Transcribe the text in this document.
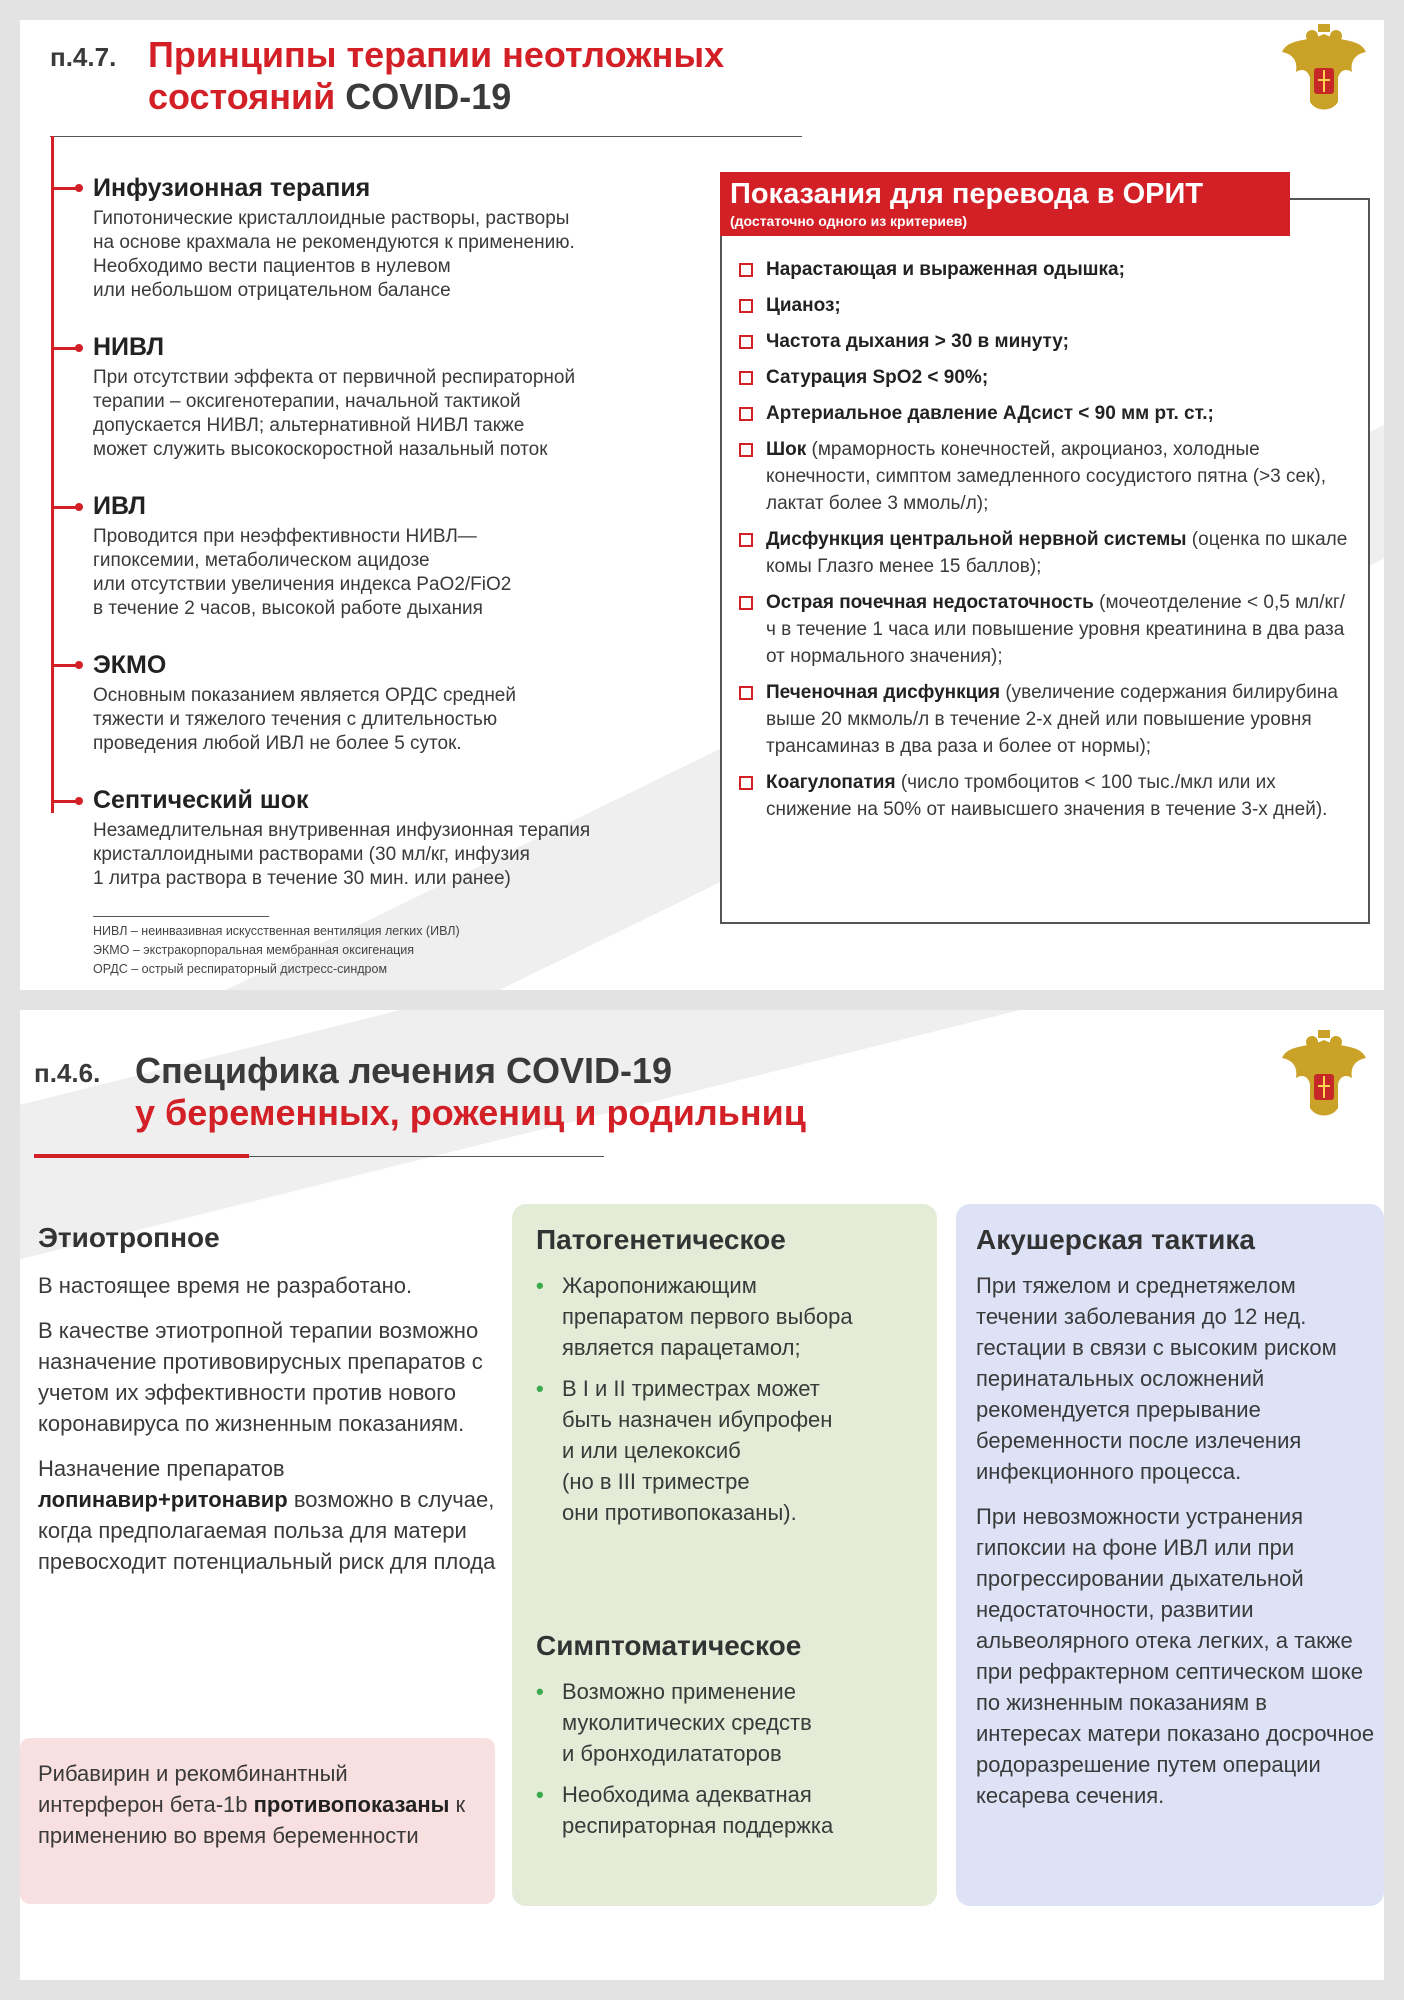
п.4.7. Принципы терапии неотложных
состояний COVID-19
Инфузионная терапия
Гипотонические кристаллоидные растворы, растворы
на основе крахмала не рекомендуются к применению.
Необходимо вести пациентов в нулевом
или небольшом отрицательном балансе
НИВЛ
При отсутствии эффекта от первичной респираторной
терапии – оксигенотерапии, начальной тактикой
допускается НИВЛ; альтернативной НИВЛ также
может служить высокоскоростной назальный поток
ИВЛ
Проводится при неэффективности НИВЛ—
гипоксемии, метаболическом ацидозе
или отсутствии увеличения индекса PaO2/FiO2
в течение 2 часов, высокой работе дыхания
ЭКМО
Основным показанием является ОРДС средней
тяжести и тяжелого течения с длительностью
проведения любой ИВЛ не более 5 суток.
Септический шок
Незамедлительная внутривенная инфузионная терапия
кристаллоидными растворами (30 мл/кг, инфузия
1 литра раствора в течение 30 мин. или ранее)
НИВЛ – неинвазивная искусственная вентиляция легких (ИВЛ)
ЭКМО – экстракорпоральная мембранная оксигенация
ОРДС – острый респираторный дистресс-синдром
Показания для перевода в ОРИТ
(достаточно одного из критериев)
Нарастающая и выраженная одышка;
Цианоз;
Частота дыхания > 30 в минуту;
Сатурация SpO2 < 90%;
Артериальное давление АДсист < 90 мм рт. ст.;
Шок (мраморность конечностей, акроцианоз, холодные конечности, симптом замедленного сосудистого пятна (>3 сек), лактат более 3 ммоль/л);
Дисфункция центральной нервной системы (оценка по шкале комы Глазго менее 15 баллов);
Острая почечная недостаточность (мочеотделение < 0,5 мл/кг/ч в течение 1 часа или повышение уровня креатинина в два раза от нормального значения);
Печеночная дисфункция (увеличение содержания билирубина выше 20 мкмоль/л в течение 2-х дней или повышение уровня трансаминаз в два раза и более от нормы);
Коагулопатия (число тромбоцитов < 100 тыс./мкл или их снижение на 50% от наивысшего значения в течение 3-х дней).
п.4.6. Специфика лечения COVID-19
у беременных, рожениц и родильниц
Этиотропное

В настоящее время не разработано.

В качестве этиотропной терапии возможно назначение противовирусных препаратов с учетом их эффективности против нового коронавируса по жизненным показаниям.

Назначение препаратов лопинавир+ритонавир возможно в случае, когда предполагаемая польза для матери превосходит потенциальный риск для плода

Рибавирин и рекомбинантный интерферон бета-1b противопоказаны к применению во время беременности

Патогенетическое
• Жаропонижающим
препаратом первого выбора
является парацетамол;
• В I и II триместрах может
быть назначен ибупрофен
и или целекоксиб
(но в III триместре
они противопоказаны).
Симптоматическое
• Возможно применение
муколитических средств
и бронходилататоров
• Необходима адекватная
респираторная поддержка
Акушерская тактика

При тяжелом и среднетяжелом течении заболевания до 12 нед. гестации в связи с высоким риском перинатальных осложнений рекомендуется прерывание беременности после излечения инфекционного процесса.

При невозможности устранения гипоксии на фоне ИВЛ или при прогрессировании дыхательной недостаточности, развитии альвеолярного отека легких, а также при рефрактерном септическом шоке по жизненным показаниям в интересах матери показано досрочное родоразрешение путем операции кесарева сечения.
